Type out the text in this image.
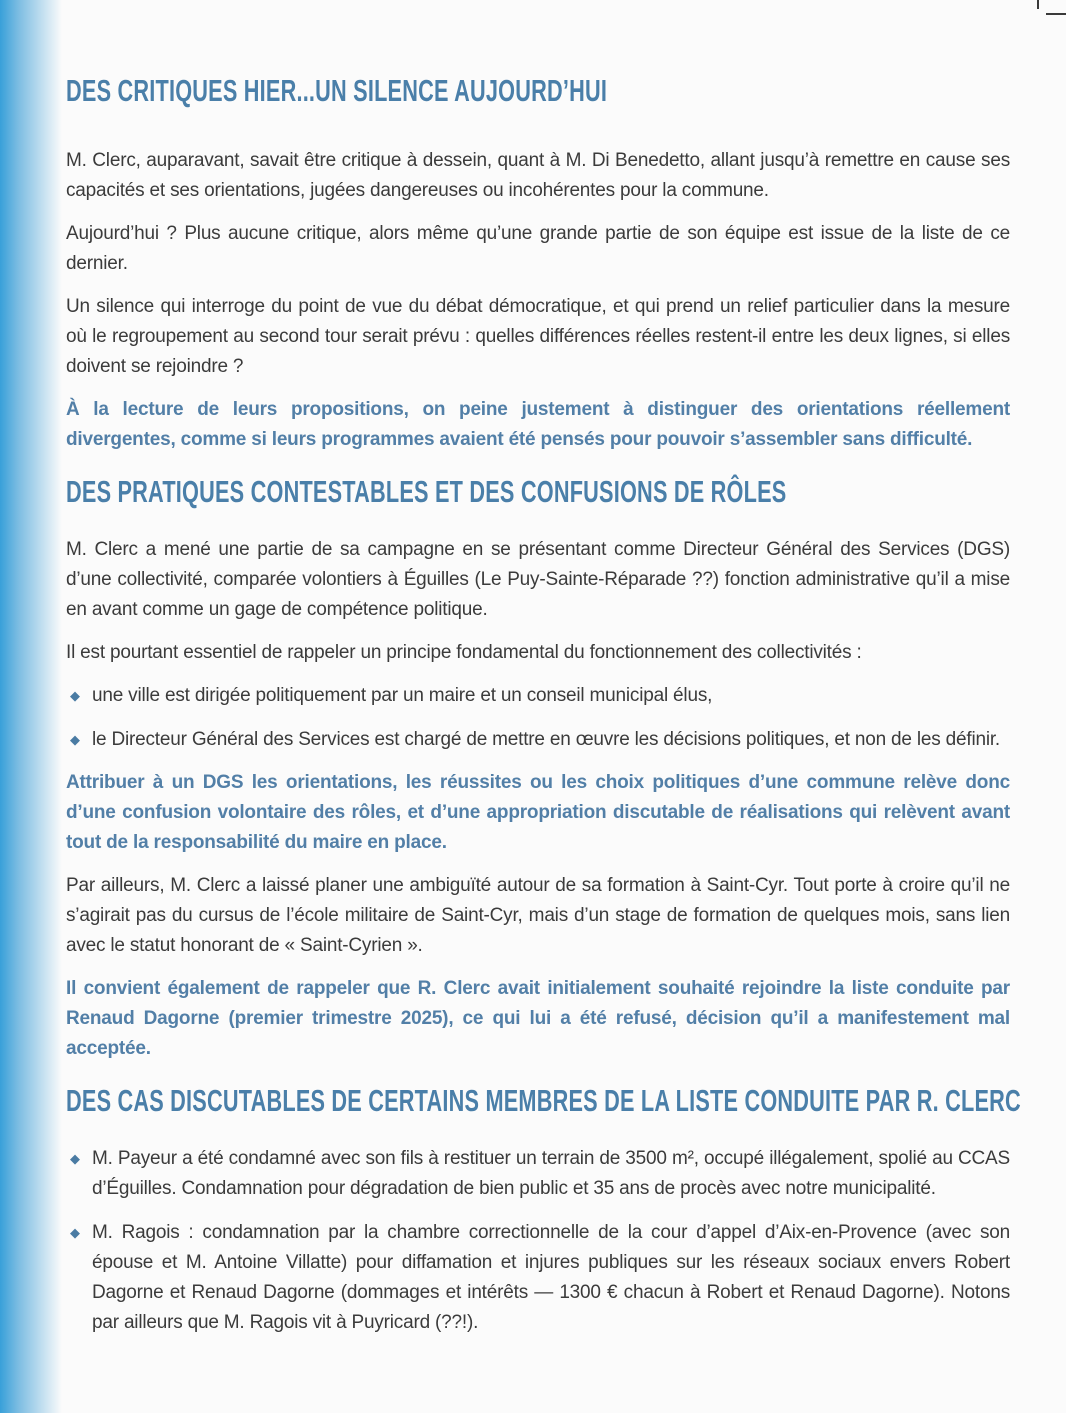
DES CRITIQUES HIER...UN SILENCE AUJOURD’HUI

M. Clerc, auparavant, savait être critique à dessein, quant à M. Di Benedetto, allant jusqu’à remettre en cause ses capacités et ses orientations, jugées dangereuses ou incohérentes pour la commune.

Aujourd’hui ? Plus aucune critique, alors même qu’une grande partie de son équipe est issue de la liste de ce dernier.

Un silence qui interroge du point de vue du débat démocratique, et qui prend un relief particulier dans la mesure où le regroupement au second tour serait prévu : quelles différences réelles restent-il entre les deux lignes, si elles doivent se rejoindre ?

À la lecture de leurs propositions, on peine justement à distinguer des orientations réellement divergentes, comme si leurs programmes avaient été pensés pour pouvoir s’assembler sans difficulté.

DES PRATIQUES CONTESTABLES ET DES CONFUSIONS DE RÔLES

M. Clerc a mené une partie de sa campagne en se présentant comme Directeur Général des Services (DGS) d’une collectivité, comparée volontiers à Éguilles (Le Puy-Sainte-Réparade ??) fonction administrative qu’il a mise en avant comme un gage de compétence politique.

Il est pourtant essentiel de rappeler un principe fondamental du fonctionnement des collectivités :

◆ une ville est dirigée politiquement par un maire et un conseil municipal élus,
◆ le Directeur Général des Services est chargé de mettre en œuvre les décisions politiques, et non de les définir.

Attribuer à un DGS les orientations, les réussites ou les choix politiques d’une commune relève donc d’une confusion volontaire des rôles, et d’une appropriation discutable de réalisations qui relèvent avant tout de la responsabilité du maire en place.

Par ailleurs, M. Clerc a laissé planer une ambiguïté autour de sa formation à Saint-Cyr. Tout porte à croire qu’il ne s’agirait pas du cursus de l’école militaire de Saint-Cyr, mais d’un stage de formation de quelques mois, sans lien avec le statut honorant de « Saint-Cyrien ».

Il convient également de rappeler que R. Clerc avait initialement souhaité rejoindre la liste conduite par Renaud Dagorne (premier trimestre 2025), ce qui lui a été refusé, décision qu’il a manifestement mal acceptée.

DES CAS DISCUTABLES DE CERTAINS MEMBRES DE LA LISTE CONDUITE PAR R. CLERC
◆ M. Payeur a été condamné avec son fils à restituer un terrain de 3500 m², occupé illégalement, spolié au CCAS d’Éguilles. Condamnation pour dégradation de bien public et 35 ans de procès avec notre municipalité.
◆ M. Ragois : condamnation par la chambre correctionnelle de la cour d’appel d’Aix-en-Provence (avec son épouse et M. Antoine Villatte) pour diffamation et injures publiques sur les réseaux sociaux envers Robert Dagorne et Renaud Dagorne (dommages et intérêts — 1300 € chacun à Robert et Renaud Dagorne). Notons par ailleurs que M. Ragois vit à Puyricard (??!).
